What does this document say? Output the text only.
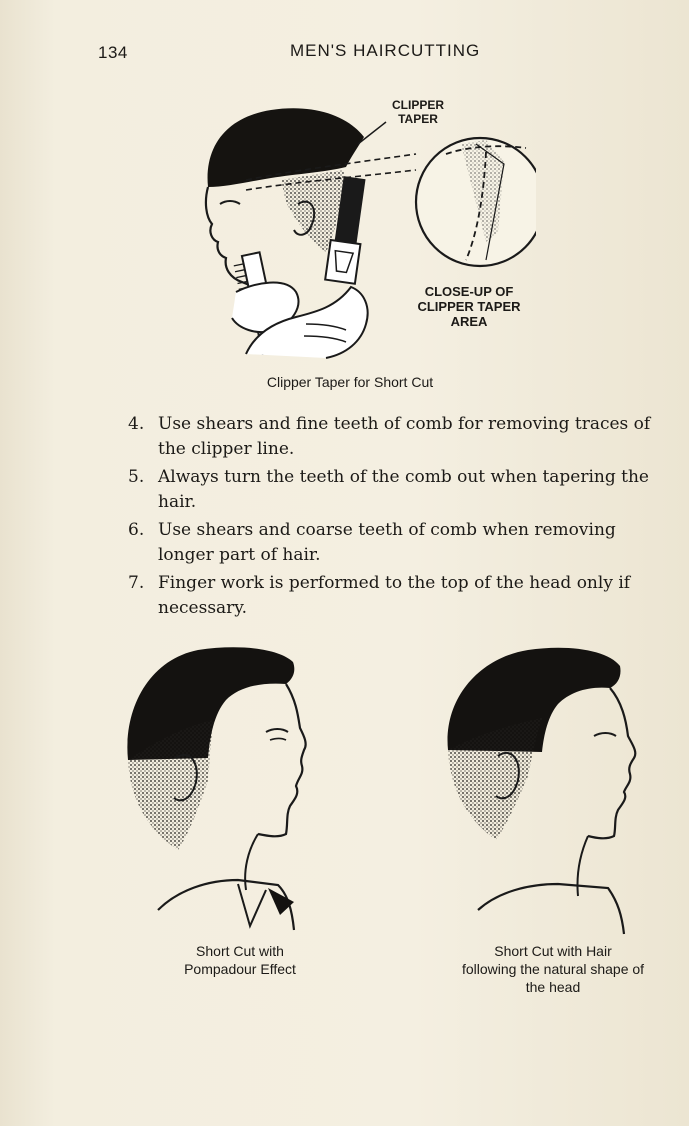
134	MEN'S HAIRCUTTING
CLIPPER
TAPER
CLOSE-UP OF
CLIPPER TAPER
AREA
Clipper Taper for Short Cut
4. Use shears and fine teeth of comb for removing traces of the clipper line.
5. Always turn the teeth of the comb out when tapering the hair.
6. Use shears and coarse teeth of comb when removing longer part of hair.
7. Finger work is performed to the top of the head only if necessary.
Short Cut with
Pompadour Effect
Short Cut with Hair
following the natural shape of
the head
